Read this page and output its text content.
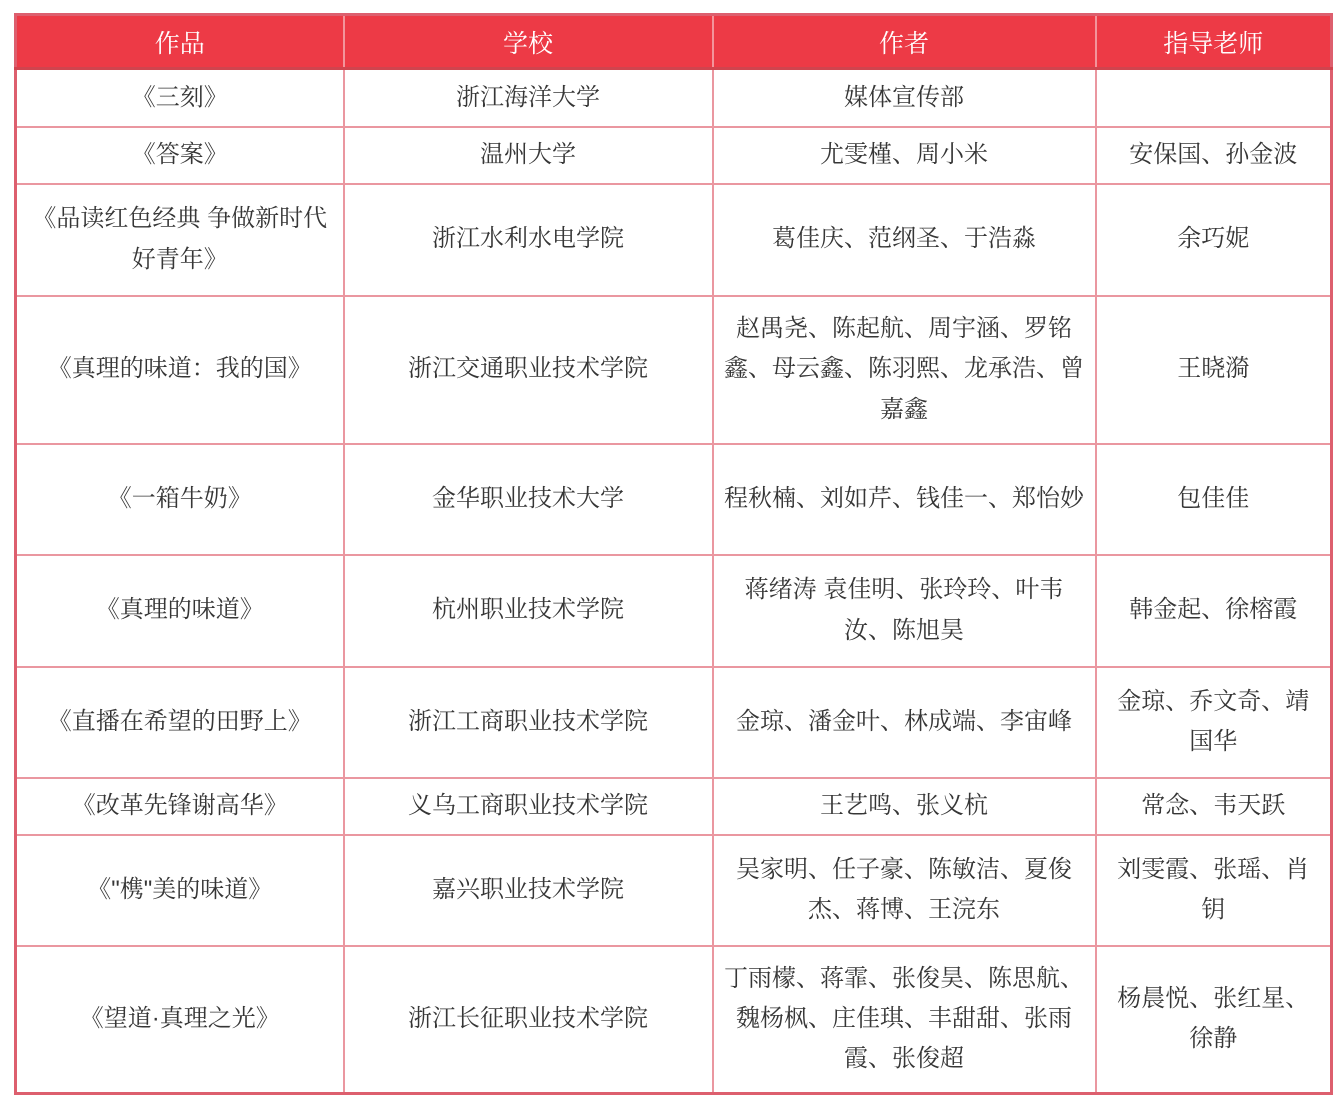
作品	学校	作者	指导老师
《三刻》	浙江海洋大学	媒体宣传部	
《答案》	温州大学	尤雯槿、周小米	安保国、孙金波
《品读红色经典 争做新时代好青年》	浙江水利水电学院	葛佳庆、范纲圣、于浩淼	余巧妮
《真理的味道：我的国》	浙江交通职业技术学院	赵禺尧、陈起航、周宇涵、罗铭鑫、母云鑫、陈羽熙、龙承浩、曾嘉鑫	王晓漪
《一箱牛奶》	金华职业技术大学	程秋楠、刘如芹、钱佳一、郑怡妙	包佳佳
《真理的味道》	杭州职业技术学院	蒋绪涛 袁佳明、张玲玲、叶韦汝、陈旭昊	韩金起、徐榕霞
《直播在希望的田野上》	浙江工商职业技术学院	金琼、潘金叶、林成端、李宙峰	金琼、乔文奇、靖国华
《改革先锋谢高华》	义乌工商职业技术学院	王艺鸣、张义杭	常念、韦天跃
《"槜"美的味道》	嘉兴职业技术学院	吴家明、任子豪、陈敏洁、夏俊杰、蒋博、王浣东	刘雯霞、张瑶、肖钥
《望道·真理之光》	浙江长征职业技术学院	丁雨檬、蒋霏、张俊昊、陈思航、魏杨枫、庄佳琪、丰甜甜、张雨霞、张俊超	杨晨悦、张红星、徐静
